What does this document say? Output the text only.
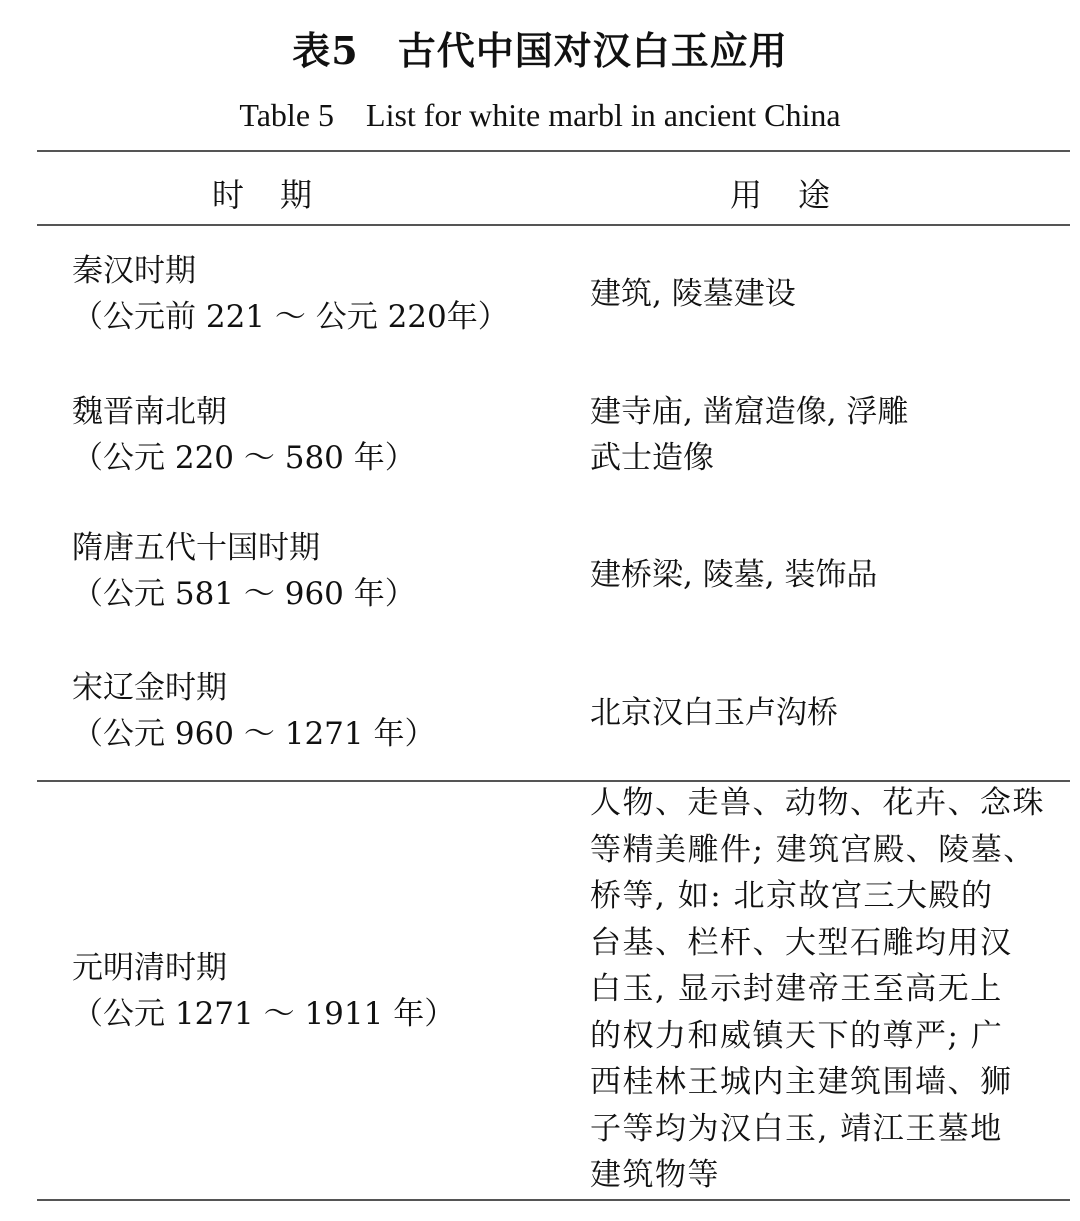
表5　古代中国对汉白玉应用
Table 5　List for white marbl in ancient China
时　期	用　途
秦汉时期
（公元前 221 ～ 公元 220年）
建筑, 陵墓建设
魏晋南北朝
（公元 220 ～ 580 年）
建寺庙, 凿窟造像, 浮雕
武士造像
隋唐五代十国时期
（公元 581 ～ 960 年）
建桥梁, 陵墓, 装饰品
宋辽金时期
（公元 960 ～ 1271 年）
北京汉白玉卢沟桥
元明清时期
（公元 1271 ～ 1911 年）
人物、走兽、动物、花卉、念珠
等精美雕件; 建筑宫殿、陵墓、
桥等, 如: 北京故宫三大殿的
台基、栏杆、大型石雕均用汉
白玉, 显示封建帝王至高无上
的权力和威镇天下的尊严; 广
西桂林王城内主建筑围墙、狮
子等均为汉白玉, 靖江王墓地
建筑物等
